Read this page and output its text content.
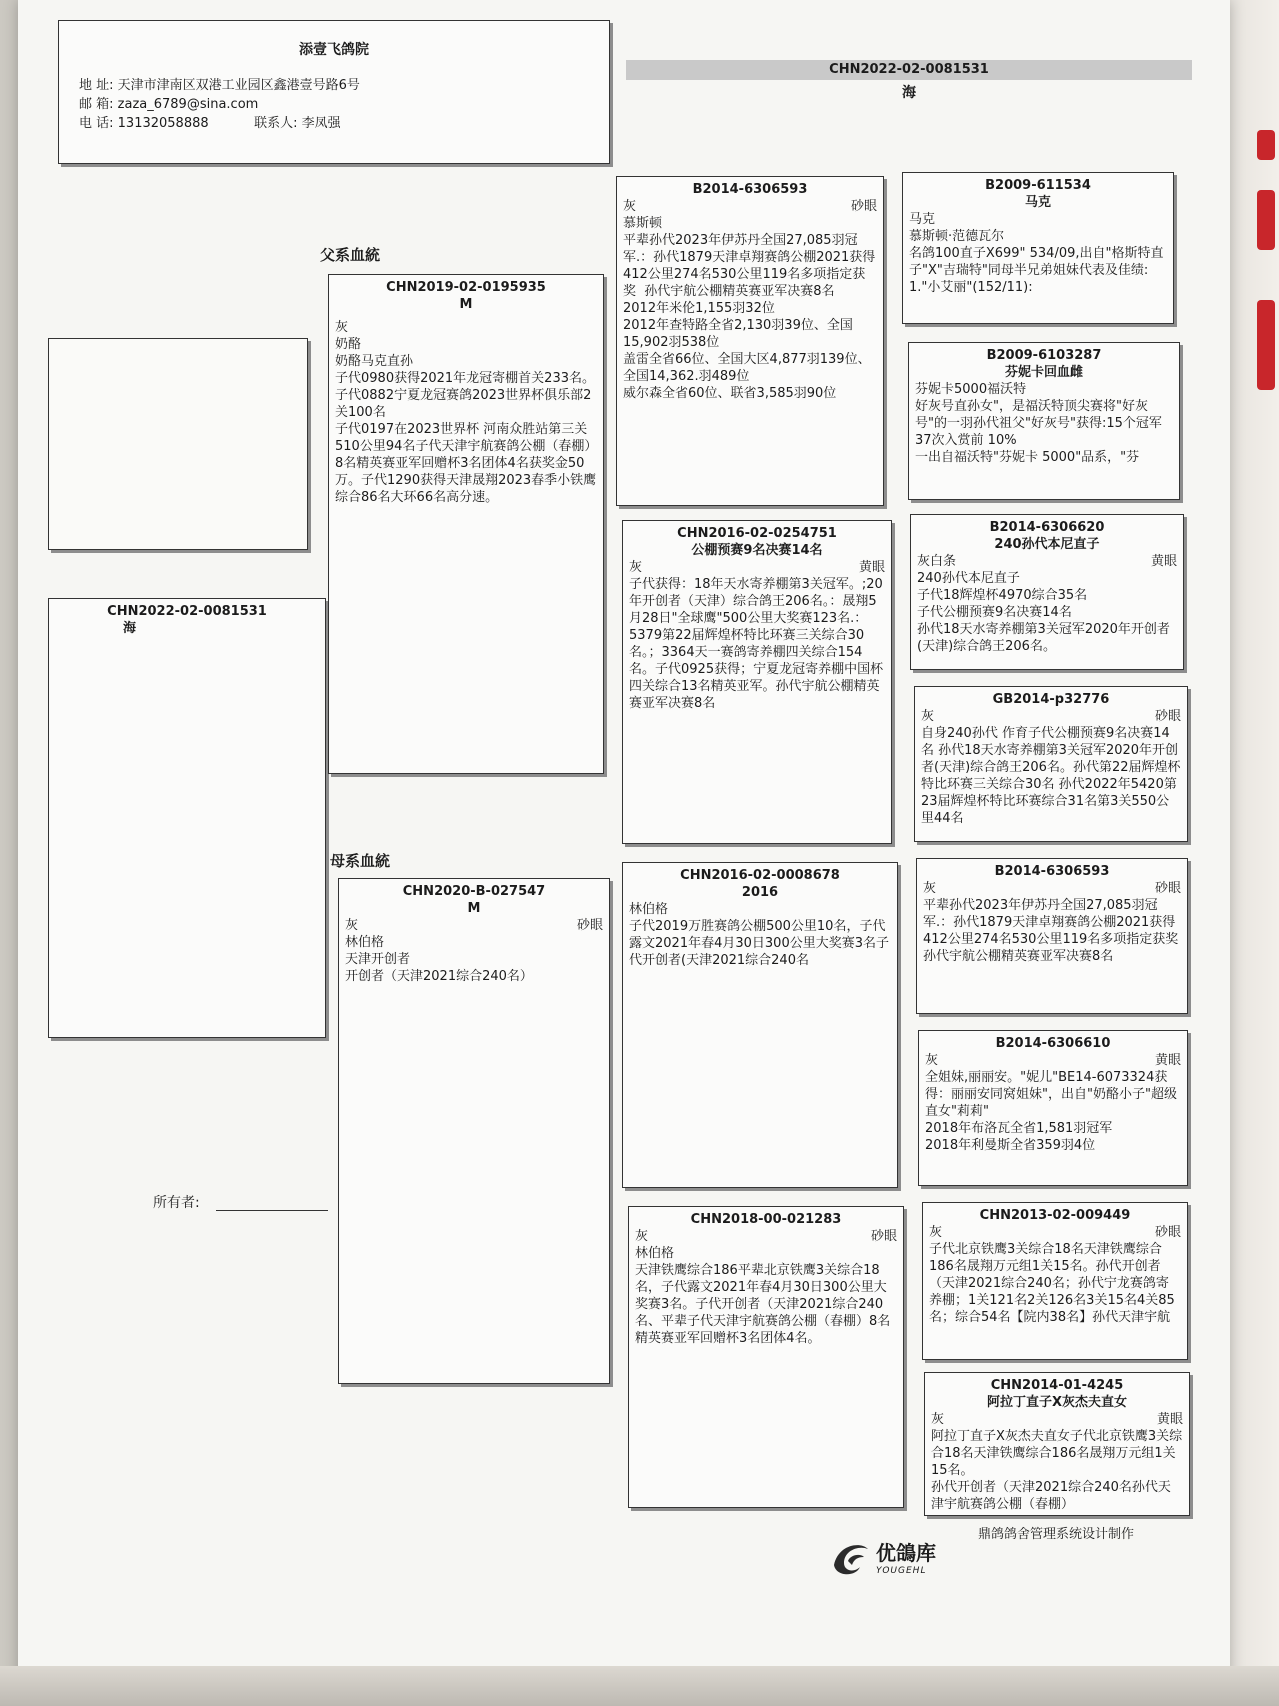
添壹飞鸽院
地 址: 天津市津南区双港工业园区鑫港壹号路6号
邮 箱: zaza_6789@sina.com
电 话: 13132058888	联系人: 李凤强
CHN2022-02-0081531
海
CHN2022-02-0081531
海
父系血統
母系血統
CHN2019-02-0195935
M
灰
奶酪
奶酪马克直孙
子代0980获得2021年龙冠寄棚首关233名。子代0882宁夏龙冠赛鸽2023世界杯俱乐部2关100名
子代0197在2023世界杯 河南众胜站第三关510公里94名子代天津宇航赛鸽公棚（春棚）8名精英赛亚军回赠杯3名团体4名获奖金50万。子代1290获得天津晟翔2023春季小铁鹰综合86名大环66名高分速。
CHN2020-B-027547
M
灰	砂眼
林伯格
天津开创者
开创者（天津2021综合240名）
B2014-6306593
灰	砂眼
慕斯顿
平辈孙代2023年伊苏丹全国27,085羽冠军.：孙代1879天津卓翔赛鸽公棚2021获得412公里274名530公里119名多项指定获奖  孙代宇航公棚精英赛亚军决赛8名
2012年米伦1,155羽32位
2012年查特路全省2,130羽39位、全国15,902羽538位
盖雷全省66位、全国大区4,877羽139位、全国14,362.羽489位
威尔森全省60位、联省3,585羽90位
CHN2016-02-0254751
公棚预赛9名决赛14名
灰	黄眼
子代获得：18年天水寄养棚第3关冠军。;20年开创者（天津）综合鸽王206名。：晟翔5月28日"全球鹰"500公里大奖赛123名.：5379第22届辉煌杯特比环赛三关综合30名。；3364天一赛鸽寄养棚四关综合154名。子代0925获得；宁夏龙冠寄养棚中国杯四关综合13名精英亚军。孙代宇航公棚精英赛亚军决赛8名
CHN2016-02-0008678
2016
林伯格
子代2019万胜赛鸽公棚500公里10名，子代露文2021年春4月30日300公里大奖赛3名子代开创者(天津2021综合240名
CHN2018-00-021283
灰	砂眼
林伯格
天津铁鹰综合186平辈北京铁鹰3关综合18名，子代露文2021年春4月30日300公里大奖赛3名。子代开创者（天津2021综合240名、平辈子代天津宇航赛鸽公棚（春棚）8名精英赛亚军回赠杯3名团体4名。
B2009-611534
马克
马克
慕斯顿·范德瓦尔
名鸽100直子X699" 534/09,出自"格斯特直子"X"吉瑞特"同母半兄弟姐妹代表及佳绩:
1."小艾丽"(152/11):
B2009-6103287
芬妮卡回血雌
芬妮卡5000福沃特
好灰号直孙女"，是福沃特顶尖赛将"好灰号"的一羽孙代祖父"好灰号"获得:15个冠军
37次入赏前 10%
一出自福沃特"芬妮卡 5000"品系，"芬
B2014-6306620
240孙代本尼直子
灰白条	黄眼
240孙代本尼直子
子代18辉煌杯4970综合35名
子代公棚预赛9名决赛14名
孙代18天水寄养棚第3关冠军2020年开创者(天津)综合鸽王206名。
GB2014-p32776
灰	砂眼
自身240孙代 作育子代公棚预赛9名决赛14名 孙代18天水寄养棚第3关冠军2020年开创者(天津)综合鸽王206名。孙代第22届辉煌杯特比环赛三关综合30名 孙代2022年5420第23届辉煌杯特比环赛综合31名第3关550公里44名
B2014-6306593
灰	砂眼
平辈孙代2023年伊苏丹全国27,085羽冠军.：孙代1879天津卓翔赛鸽公棚2021获得412公里274名530公里119名多项指定获奖  孙代宇航公棚精英赛亚军决赛8名
B2014-6306610
灰	黄眼
全姐妹,丽丽安。"妮儿"BE14-6073324获得：丽丽安同窝姐妹"，出自"奶酪小子"超级直女"莉莉"
2018年布洛瓦全省1,581羽冠军
2018年利曼斯全省359羽4位
CHN2013-02-009449
灰	砂眼
子代北京铁鹰3关综合18名天津铁鹰综合186名晟翔万元组1关15名。孙代开创者（天津2021综合240名；孙代宁龙赛鸽寄养棚；1关121名2关126名3关15名4关85名；综合54名【院内38名】孙代天津宇航
CHN2014-01-4245
阿拉丁直子X灰杰夫直女
灰	黄眼
阿拉丁直子X灰杰夫直女子代北京铁鹰3关综合18名天津铁鹰综合186名晟翔万元组1关15名。
孙代开创者（天津2021综合240名孙代天津宇航赛鸽公棚（春棚）
所有者:
鼎鸽鸽舍管理系统设计制作
优鴿库
YOUGEHL
